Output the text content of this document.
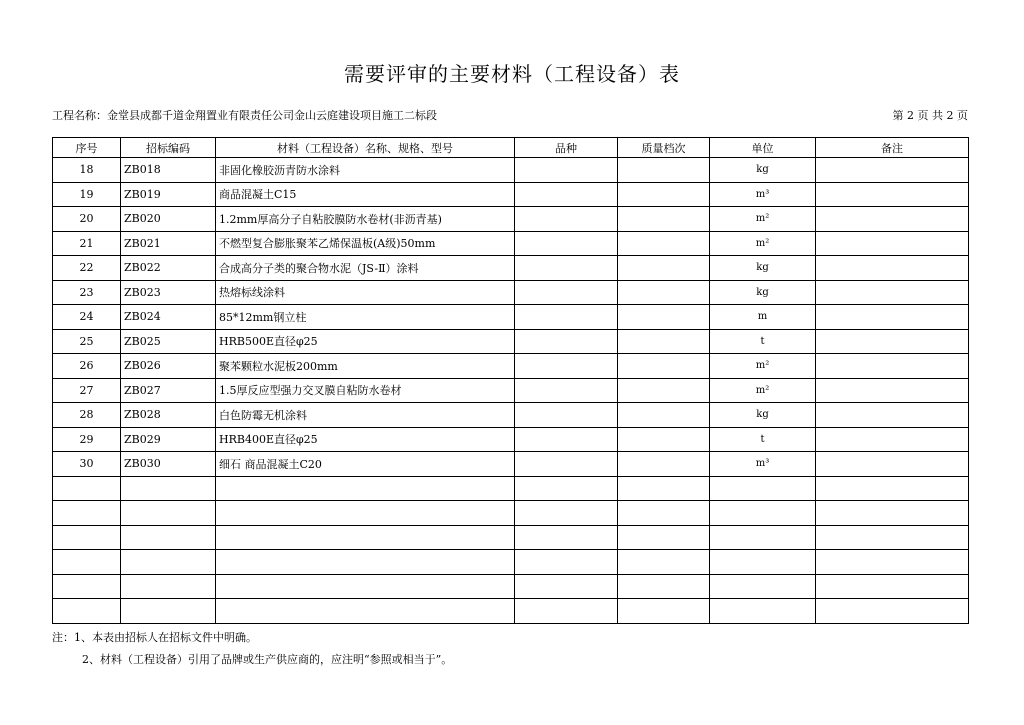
需要评审的主要材料（工程设备）表
工程名称：金堂县成都千道金翔置业有限责任公司金山云庭建设项目施工二标段	第 2 页 共 2 页
序号	招标编码	材料（工程设备）名称、规格、型号	品种	质量档次	单位	备注
18	ZB018	非固化橡胶沥青防水涂料			kg	
19	ZB019	商品混凝土C15			m³	
20	ZB020	1.2mm厚高分子自粘胶膜防水卷材(非沥青基)			m²	
21	ZB021	不燃型复合膨胀聚苯乙烯保温板(A级)50mm			m²	
22	ZB022	合成高分子类的聚合物水泥（JS-Ⅱ）涂料			kg	
23	ZB023	热熔标线涂料			kg	
24	ZB024	85*12mm钢立柱			m	
25	ZB025	HRB500E直径φ25			t	
26	ZB026	聚苯颗粒水泥板200mm			m²	
27	ZB027	1.5厚反应型强力交叉膜自粘防水卷材			m²	
28	ZB028	白色防霉无机涂料			kg	
29	ZB029	HRB400E直径φ25			t	
30	ZB030	细石 商品混凝土C20			m³	

注：1、本表由招标人在招标文件中明确。
2、材料（工程设备）引用了品牌或生产供应商的，应注明“参照或相当于”。
